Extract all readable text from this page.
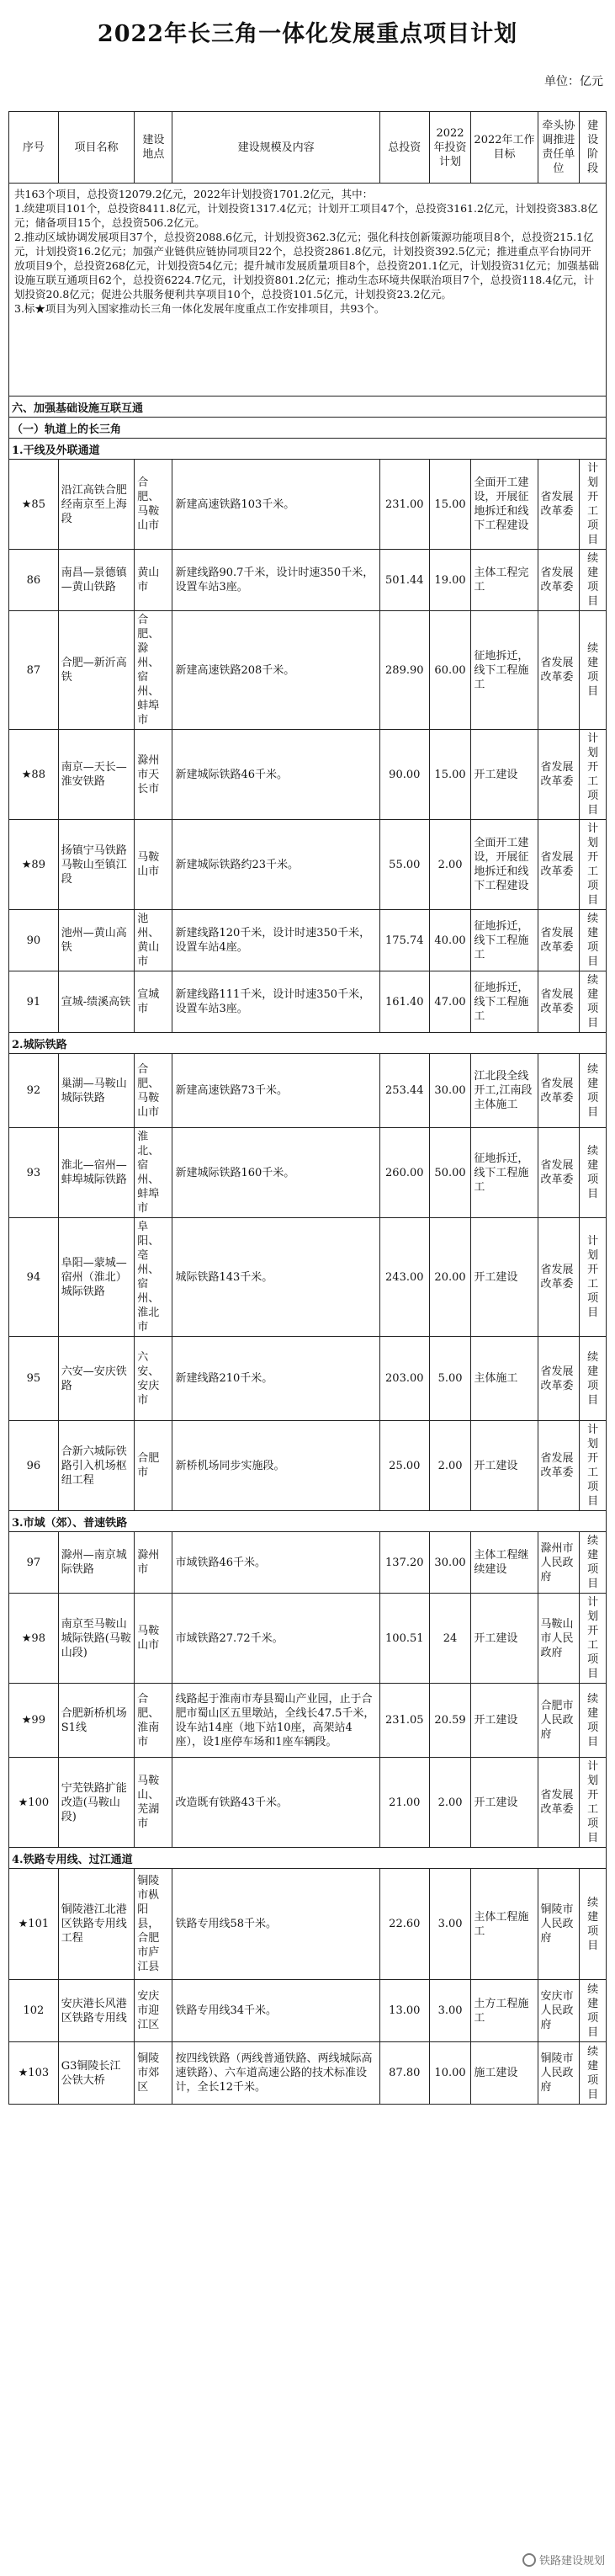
2022年长三角一体化发展重点项目计划
单位：亿元
序号	项目名称	建设地点	建设规模及内容	总投资	2022年投资计划	2022年工作目标	牵头协调推进责任单位	建设阶段

共163个项目，总投资12079.2亿元，2022年计划投资1701.2亿元，其中：
1.续建项目101个，总投资8411.8亿元，计划投资1317.4亿元；计划开工项目47个，总投资3161.2亿元，计划投资383.8亿元；储备项目15个，总投资506.2亿元。
2.推动区域协调发展项目37个，总投资2088.6亿元，计划投资362.3亿元；强化科技创新策源功能项目8个，总投资215.1亿元，计划投资16.2亿元；加强产业链供应链协同项目22个，总投资2861.8亿元，计划投资392.5亿元；推进重点平台协同开放项目9个，总投资268亿元，计划投资54亿元；提升城市发展质量项目8个，总投资201.1亿元，计划投资31亿元；加强基础设施互联互通项目62个，总投资6224.7亿元，计划投资801.2亿元；推动生态环境共保联治项目7个，总投资118.4亿元，计划投资20.8亿元；促进公共服务便利共享项目10个，总投资101.5亿元，计划投资23.2亿元。
3.标★项目为列入国家推动长三角一体化发展年度重点工作安排项目，共93个。								

六、加强基础设施互联互通								
（一）轨道上的长三角								
1.干线及外联通道								
★85	沿江高铁合肥经南京至上海段	合肥、马鞍山市	新建高速铁路103千米。	231.00	15.00	全面开工建设，开展征地拆迁和线下工程建设	省发展改革委	计划开工项目
86	南昌—景德镇—黄山铁路	黄山市	新建线路90.7千米，设计时速350千米，设置车站3座。	501.44	19.00	主体工程完工	省发展改革委	续建项目
87	合肥—新沂高铁	合肥、滁州、宿州、蚌埠市	新建高速铁路208千米。	289.90	60.00	征地拆迁，线下工程施工	省发展改革委	续建项目
★88	南京—天长—淮安铁路	滁州市天长市	新建城际铁路46千米。	90.00	15.00	开工建设	省发展改革委	计划开工项目
★89	扬镇宁马铁路马鞍山至镇江段	马鞍山市	新建城际铁路约23千米。	55.00	2.00	全面开工建设，开展征地拆迁和线下工程建设	省发展改革委	计划开工项目
90	池州—黄山高铁	池州、黄山市	新建线路120千米，设计时速350千米，设置车站4座。	175.74	40.00	征地拆迁，线下工程施工	省发展改革委	续建项目
91	宣城-绩溪高铁	宣城市	新建线路111千米，设计时速350千米，设置车站3座。	161.40	47.00	征地拆迁，线下工程施工	省发展改革委	续建项目
2.城际铁路								
92	巢湖—马鞍山城际铁路	合肥、马鞍山市	新建高速铁路73千米。	253.44	30.00	江北段全线开工,江南段主体施工	省发展改革委	续建项目
93	淮北—宿州—蚌埠城际铁路	淮北、宿州、蚌埠市	新建城际铁路160千米。	260.00	50.00	征地拆迁，线下工程施工	省发展改革委	续建项目
94	阜阳—蒙城—宿州（淮北）城际铁路	阜阳、亳州、宿州、淮北市	城际铁路143千米。	243.00	20.00	开工建设	省发展改革委	计划开工项目
95	六安—安庆铁路	六安、安庆市	新建线路210千米。	203.00	5.00	主体施工	省发展改革委	续建项目
96	合新六城际铁路引入机场枢纽工程	合肥市	新桥机场同步实施段。	25.00	2.00	开工建设	省发展改革委	计划开工项目
3.市域（郊）、普速铁路								
97	滁州—南京城际铁路	滁州市	市域铁路46千米。	137.20	30.00	主体工程继续建设	滁州市人民政府	续建项目
★98	南京至马鞍山城际铁路(马鞍山段)	马鞍山市	市域铁路27.72千米。	100.51	24	开工建设	马鞍山市人民政府	计划开工项目
★99	合肥新桥机场S1线	合肥、淮南市	线路起于淮南市寿县蜀山产业园，止于合肥市蜀山区五里墩站，全线长47.5千米，设车站14座（地下站10座，高架站4座），设1座停车场和1座车辆段。	231.05	20.59	开工建设	合肥市人民政府	续建项目
★100	宁芜铁路扩能改造(马鞍山段)	马鞍山、芜湖市	改造既有铁路43千米。	21.00	2.00	开工建设	省发展改革委	计划开工项目
4.铁路专用线、过江通道								
★101	铜陵港江北港区铁路专用线工程	铜陵市枞阳县，合肥市庐江县	铁路专用线58千米。	22.60	3.00	主体工程施工	铜陵市人民政府	续建项目
102	安庆港长风港区铁路专用线	安庆市迎江区	铁路专用线34千米。	13.00	3.00	土方工程施工	安庆市人民政府	续建项目
★103	G3铜陵长江公铁大桥	铜陵市郊区	按四线铁路（两线普通铁路、两线城际高速铁路）、六车道高速公路的技术标准设计，全长12千米。	87.80	10.00	施工建设	铜陵市人民政府	续建项目
铁路建设规划
